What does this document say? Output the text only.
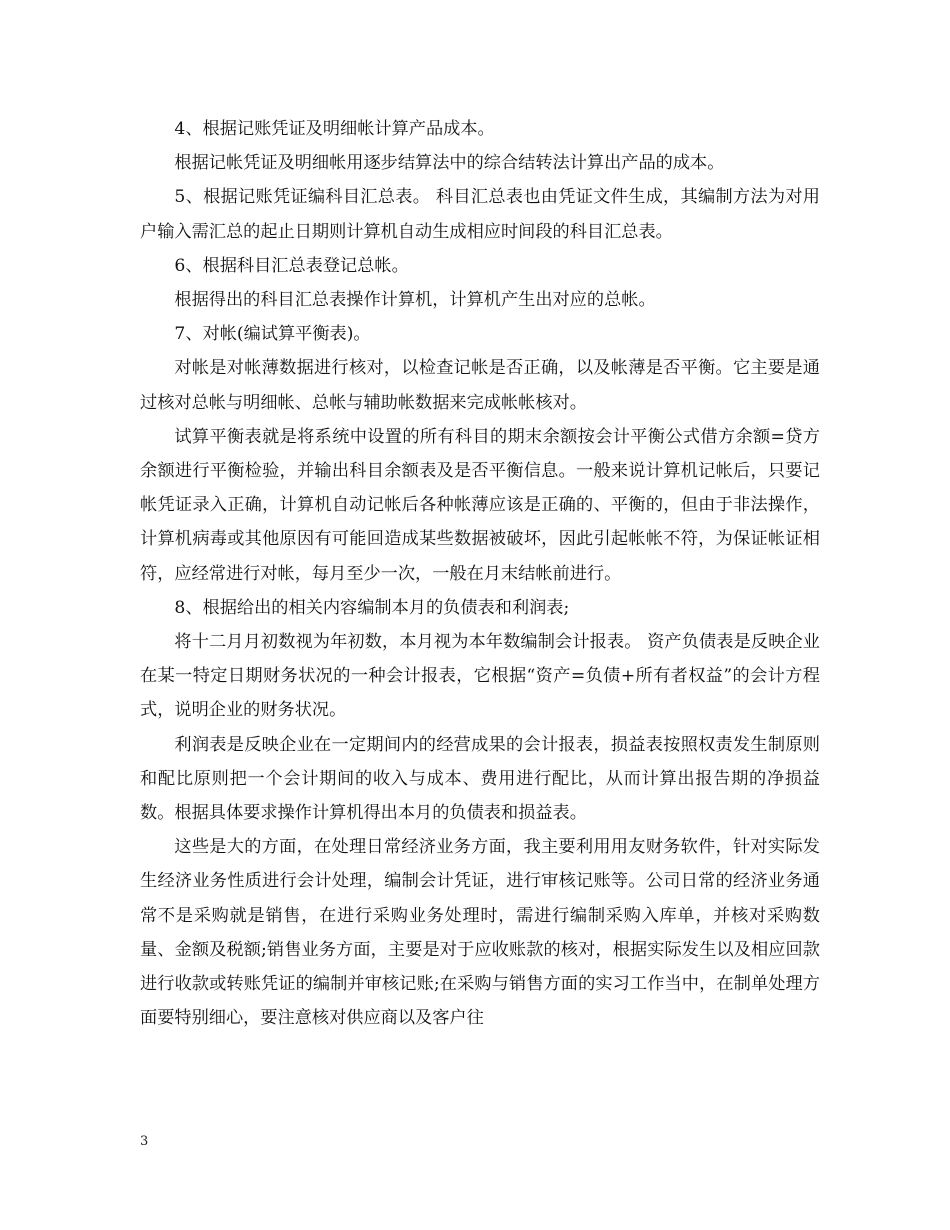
4、根据记账凭证及明细帐计算产品成本。

根据记帐凭证及明细帐用逐步结算法中的综合结转法计算出产品的成本。

5、根据记账凭证编科目汇总表。 科目汇总表也由凭证文件生成，其编制方法为对用户输入需汇总的起止日期则计算机自动生成相应时间段的科目汇总表。

6、根据科目汇总表登记总帐。

根据得出的科目汇总表操作计算机，计算机产生出对应的总帐。

7、对帐(编试算平衡表)。

对帐是对帐薄数据进行核对，以检查记帐是否正确，以及帐薄是否平衡。它主要是通过核对总帐与明细帐、总帐与辅助帐数据来完成帐帐核对。

试算平衡表就是将系统中设置的所有科目的期末余额按会计平衡公式借方余额=贷方余额进行平衡检验，并输出科目余额表及是否平衡信息。一般来说计算机记帐后，只要记帐凭证录入正确，计算机自动记帐后各种帐薄应该是正确的、平衡的，但由于非法操作，计算机病毒或其他原因有可能回造成某些数据被破坏，因此引起帐帐不符，为保证帐证相符，应经常进行对帐，每月至少一次，一般在月末结帐前进行。

8、根据给出的相关内容编制本月的负债表和利润表;

将十二月月初数视为年初数，本月视为本年数编制会计报表。 资产负债表是反映企业在某一特定日期财务状况的一种会计报表，它根据“资产=负债+所有者权益”的会计方程式，说明企业的财务状况。

利润表是反映企业在一定期间内的经营成果的会计报表，损益表按照权责发生制原则和配比原则把一个会计期间的收入与成本、费用进行配比，从而计算出报告期的净损益数。根据具体要求操作计算机得出本月的负债表和损益表。

这些是大的方面，在处理日常经济业务方面，我主要利用用友财务软件，针对实际发生经济业务性质进行会计处理，编制会计凭证，进行审核记账等。公司日常的经济业务通常不是采购就是销售，在进行采购业务处理时，需进行编制采购入库单，并核对采购数量、金额及税额;销售业务方面，主要是对于应收账款的核对，根据实际发生以及相应回款进行收款或转账凭证的编制并审核记账;在采购与销售方面的实习工作当中，在制单处理方面要特别细心，要注意核对供应商以及客户往

3
